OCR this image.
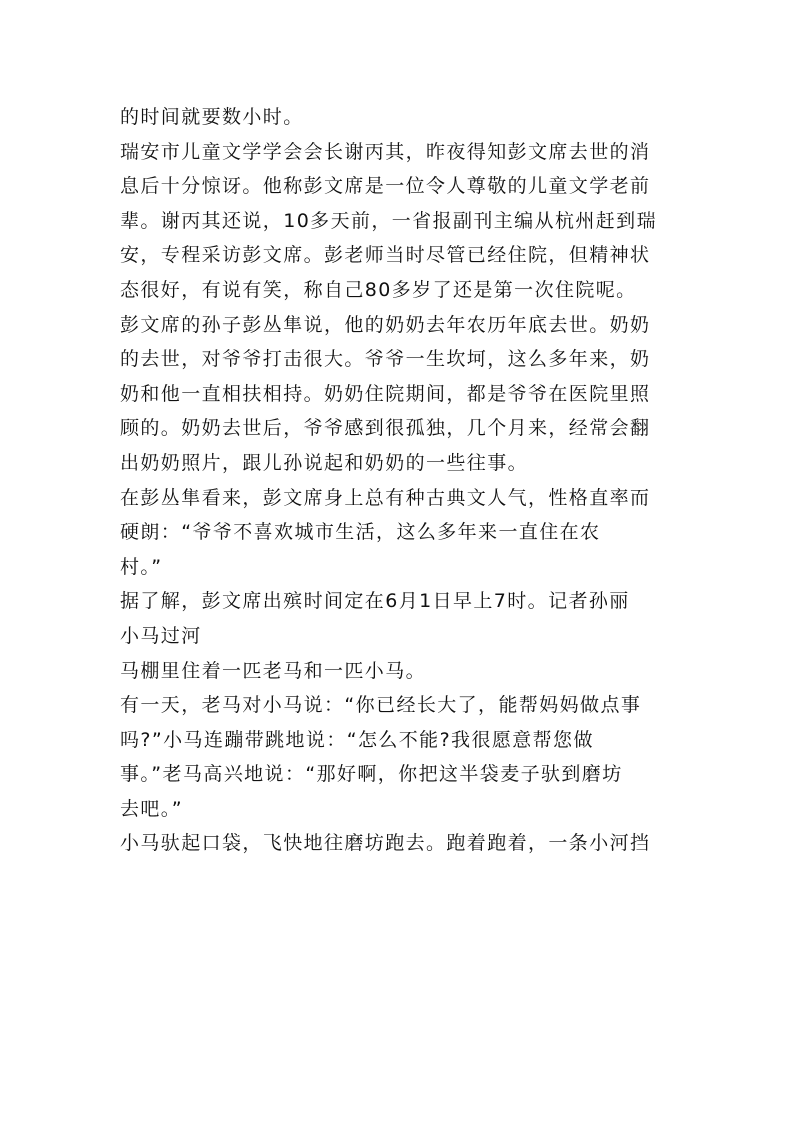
的时间就要数小时。
瑞安市儿童文学学会会长谢丙其，昨夜得知彭文席去世的消
息后十分惊讶。他称彭文席是一位令人尊敬的儿童文学老前
辈。谢丙其还说，10多天前，一省报副刊主编从杭州赶到瑞
安，专程采访彭文席。彭老师当时尽管已经住院，但精神状
态很好，有说有笑，称自己80多岁了还是第一次住院呢。
彭文席的孙子彭丛隼说，他的奶奶去年农历年底去世。奶奶
的去世，对爷爷打击很大。爷爷一生坎坷，这么多年来，奶
奶和他一直相扶相持。奶奶住院期间，都是爷爷在医院里照
顾的。奶奶去世后，爷爷感到很孤独，几个月来，经常会翻
出奶奶照片，跟儿孙说起和奶奶的一些往事。
在彭丛隼看来，彭文席身上总有种古典文人气，性格直率而
硬朗：“爷爷不喜欢城市生活，这么多年来一直住在农
村。”
据了解，彭文席出殡时间定在6月1日早上7时。记者孙丽
小马过河
马棚里住着一匹老马和一匹小马。
有一天，老马对小马说：“你已经长大了，能帮妈妈做点事
吗?”小马连蹦带跳地说：“怎么不能?我很愿意帮您做
事。”老马高兴地说：“那好啊，你把这半袋麦子驮到磨坊
去吧。”
小马驮起口袋，飞快地往磨坊跑去。跑着跑着，一条小河挡
